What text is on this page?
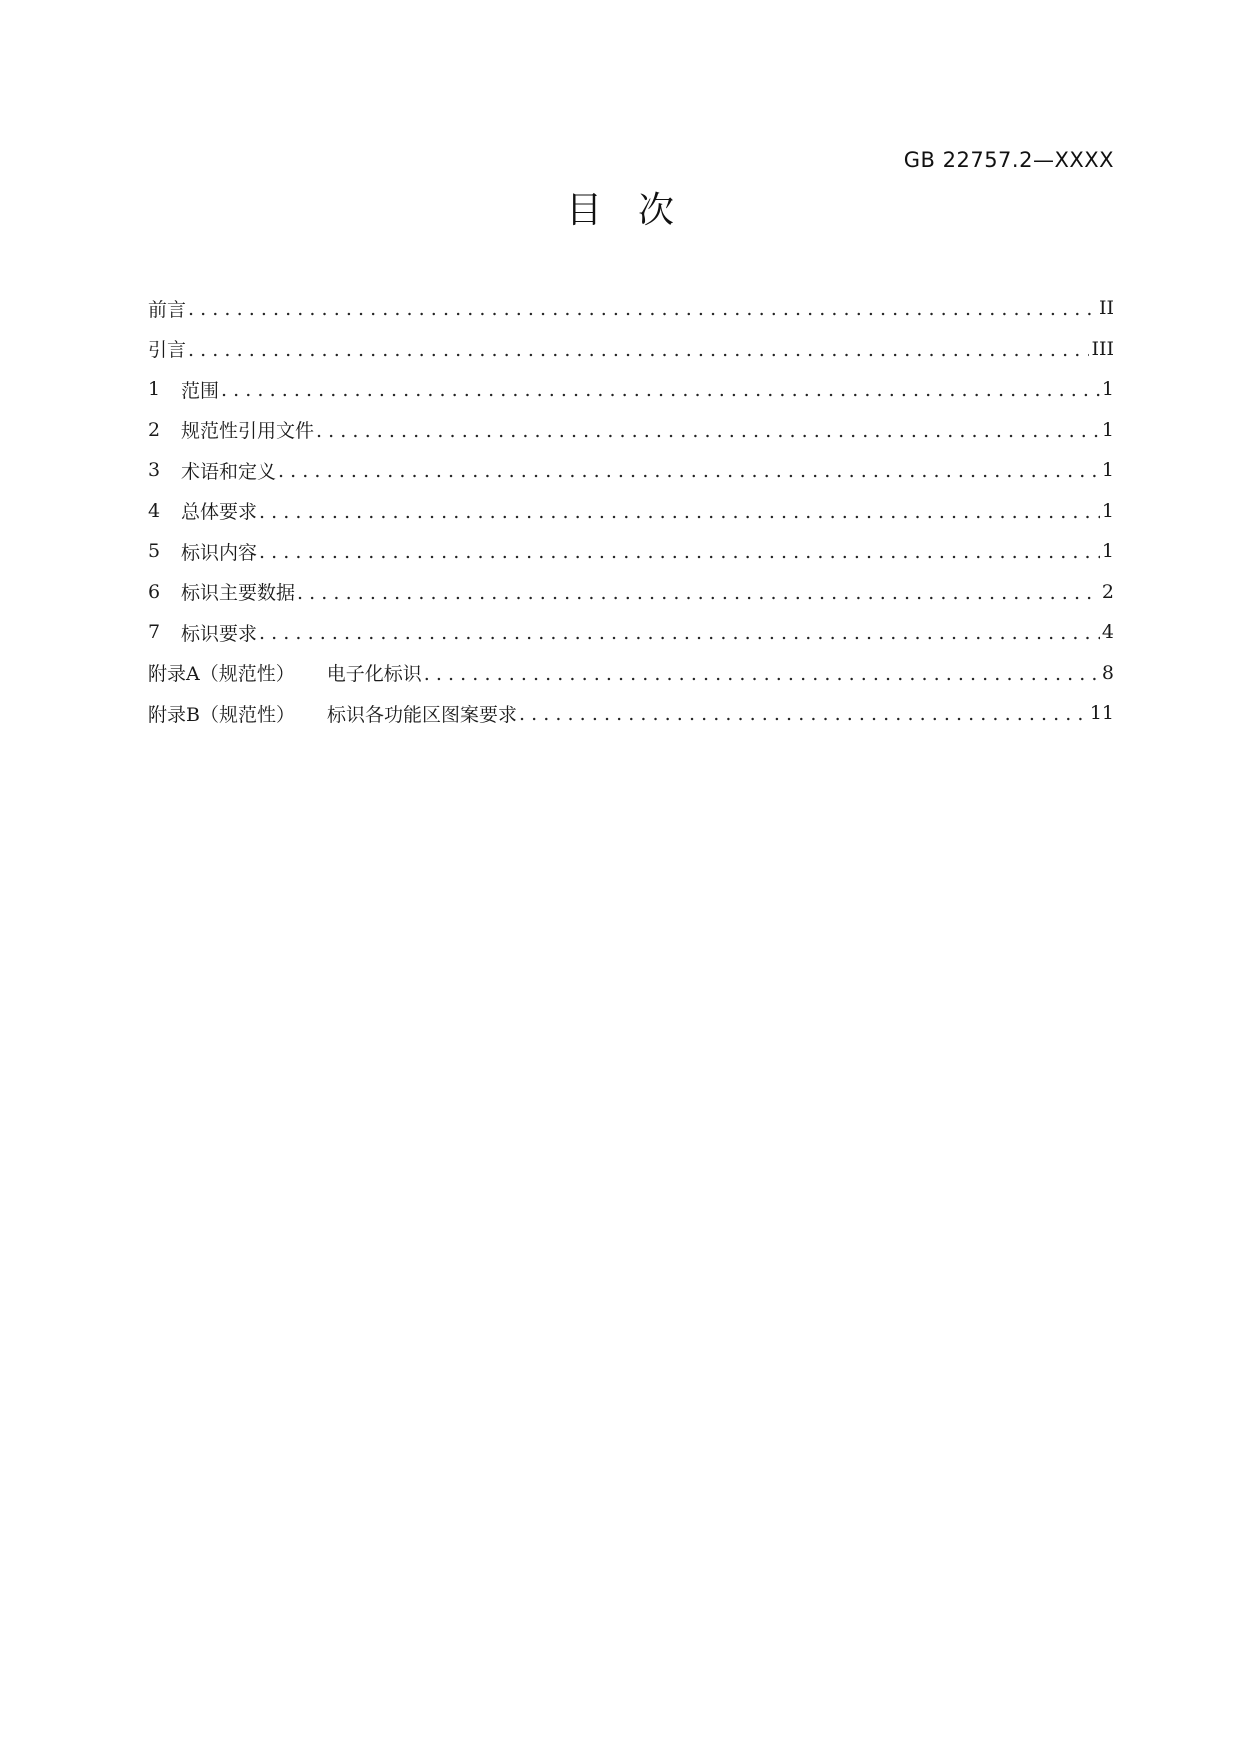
GB 22757.2—XXXX
目 次
前言 .....	II
引言 .....	III
1	范围 .....	1
2	规范性引用文件 .....	1
3	术语和定义 .....	1
4	总体要求 .....	1
5	标识内容 .....	1
6	标识主要数据 .....	2
7	标识要求 .....	4
附录A（规范性） 电子化标识 .....	8
附录B（规范性） 标识各功能区图案要求 .....	11
